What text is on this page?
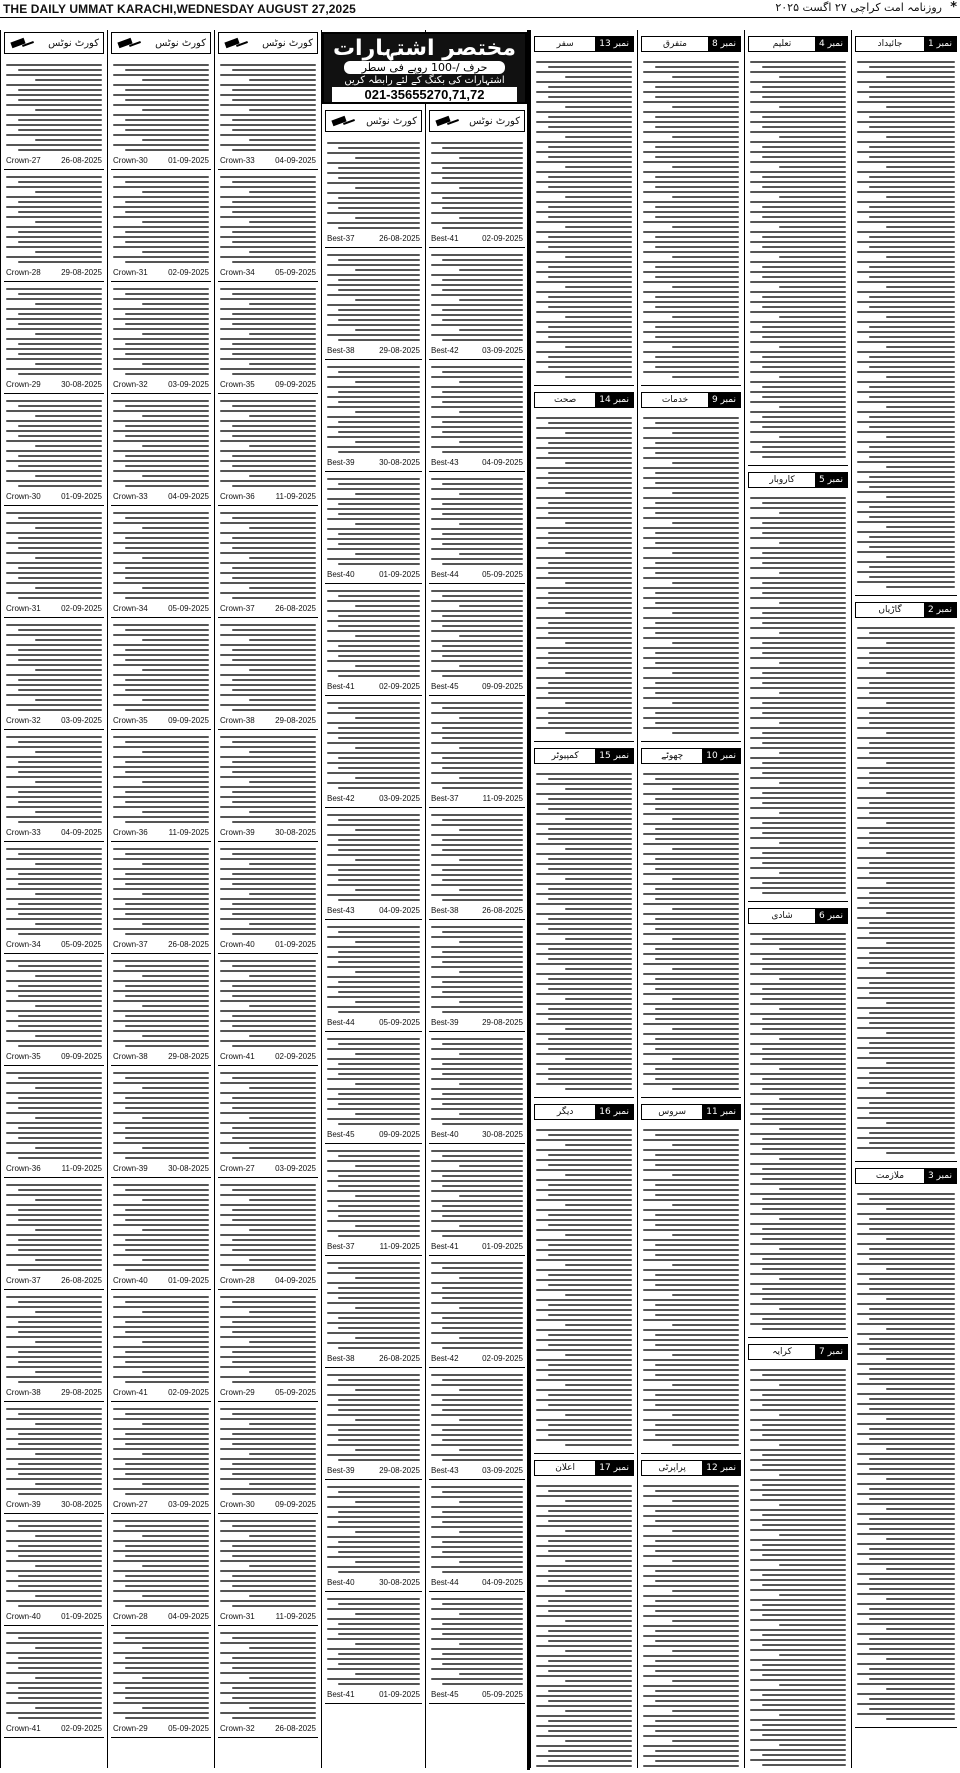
THE DAILY UMMAT KARACHI,WEDNESDAY AUGUST 27,2025	روزنامہ امت کراچی ۲۷ اگست ۲۰۲۵ *
کورٹ نوٹس
Crown-27	26-08-2025
Crown-28	29-08-2025
Crown-29	30-08-2025
Crown-30	01-09-2025
Crown-31	02-09-2025
Crown-32	03-09-2025
Crown-33	04-09-2025
Crown-34	05-09-2025
Crown-35	09-09-2025
Crown-36	11-09-2025
Crown-37	26-08-2025
Crown-38	29-08-2025
Crown-39	30-08-2025
Crown-40	01-09-2025
Crown-41	02-09-2025
کورٹ نوٹس
Crown-30	01-09-2025
Crown-31	02-09-2025
Crown-32	03-09-2025
Crown-33	04-09-2025
Crown-34	05-09-2025
Crown-35	09-09-2025
Crown-36	11-09-2025
Crown-37	26-08-2025
Crown-38	29-08-2025
Crown-39	30-08-2025
Crown-40	01-09-2025
Crown-41	02-09-2025
Crown-27	03-09-2025
Crown-28	04-09-2025
Crown-29	05-09-2025
کورٹ نوٹس
Crown-33	04-09-2025
Crown-34	05-09-2025
Crown-35	09-09-2025
Crown-36	11-09-2025
Crown-37	26-08-2025
Crown-38	29-08-2025
Crown-39	30-08-2025
Crown-40	01-09-2025
Crown-41	02-09-2025
Crown-27	03-09-2025
Crown-28	04-09-2025
Crown-29	05-09-2025
Crown-30	09-09-2025
Crown-31	11-09-2025
Crown-32	26-08-2025
کورٹ نوٹس
Best-37	26-08-2025
Best-38	29-08-2025
Best-39	30-08-2025
Best-40	01-09-2025
Best-41	02-09-2025
Best-42	03-09-2025
Best-43	04-09-2025
Best-44	05-09-2025
Best-45	09-09-2025
Best-37	11-09-2025
Best-38	26-08-2025
Best-39	29-08-2025
Best-40	30-08-2025
Best-41	01-09-2025
کورٹ نوٹس
Best-41	02-09-2025
Best-42	03-09-2025
Best-43	04-09-2025
Best-44	05-09-2025
Best-45	09-09-2025
Best-37	11-09-2025
Best-38	26-08-2025
Best-39	29-08-2025
Best-40	30-08-2025
Best-41	01-09-2025
Best-42	02-09-2025
Best-43	03-09-2025
Best-44	04-09-2025
Best-45	05-09-2025
مختصر اشتہارات
حرف /-100 روپے فی سطر
اشتہارات کی بکنگ کے لئے رابطہ کریں
021-35655270,71,72
نمبر 13
سفر
نمبر 14
صحت
نمبر 15
کمپیوٹر
نمبر 16
دیگر
نمبر 17
اعلان
نمبر 8
متفرق
نمبر 9
خدمات
نمبر 10
چھوٹے
نمبر 11
سروس
نمبر 12
پراپرٹی
نمبر 4
تعلیم
نمبر 5
کاروبار
نمبر 6
شادی
نمبر 7
کرایہ
نمبر 1
جائیداد
نمبر 2
گاڑیاں
نمبر 3
ملازمت
